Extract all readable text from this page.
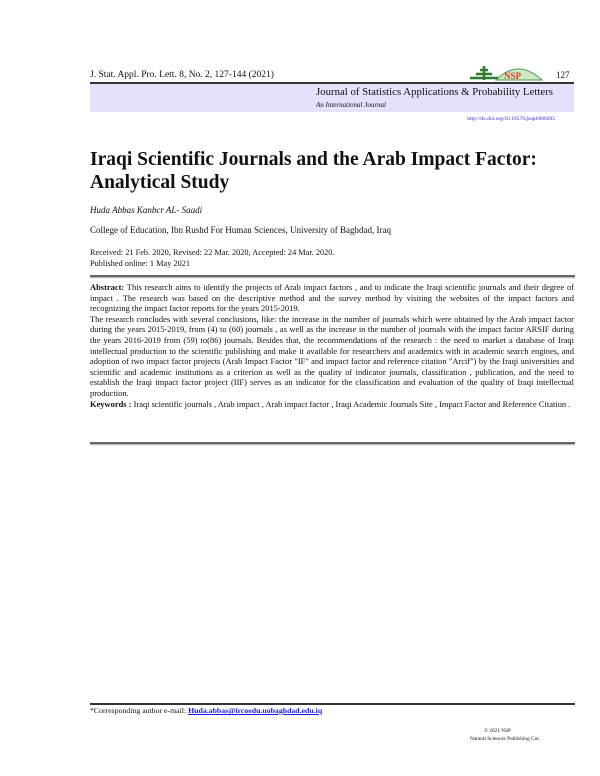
J. Stat. Appl. Pro. Lett. 8, No. 2, 127-144 (2021)	127
NSP
Journal of Statistics Applications & Probability Letters
An International Journal
http://dx.doi.org/10.18576/jsapl/080205
Iraqi Scientific Journals and the Arab Impact Factor: Analytical Study
Huda Abbas Kanbcr AL- Saadi
College of Education, Ibn Rushd For Human Sciences, University of Baghdad, Iraq
Received: 21 Feb. 2020, Revised: 22 Mar. 2020, Accepted: 24 Mar. 2020.
Published online: 1 May 2021

Abstract: This research aims to identify the projects of Arab impact factors , and to indicate the Iraqi scientific journals and their degree of impact . The research was based on the descriptive method and the survey method by visiting the websites of the impact factors and recognizing the impact factor reports for the years 2015-2019.

The research concludes with several conclusions, like: the increase in the number of journals which were obtained by the Arab impact factor during the years 2015-2019, from (4) to (60) journals , as well as the increase in the number of journals with the impact factor ARSIF during the years 2016-2019 from (59) to(86) journals. Besides that, the recommendations of the research : the need to market a database of Iraqi intellectual production to the scientific publishing and make it available for researchers and academics with in academic search engines, and adoption of two impact factor projects (Arab Impact Factor "IF" and impact factor and reference citation "Arcif") by the Iraqi universities and scientific and academic institutions as a criterion as well as the quality of indicator journals, classification , publication, and the need to establish the Iraqi impact factor project (IIF) serves as an indicator for the classification and evaluation of the quality of Iraqi intellectual production.

Keywords : Iraqi scientific journals , Arab impact , Arab impact factor , Iraqi Academic Journals Site , Impact Factor and Reference Citation .

*Corresponding author e-mail: Huda.abbas@ircoedu.uobaghdad.edu.iq
© 2021 NSP
Natural Sciences Publishing Cor.
